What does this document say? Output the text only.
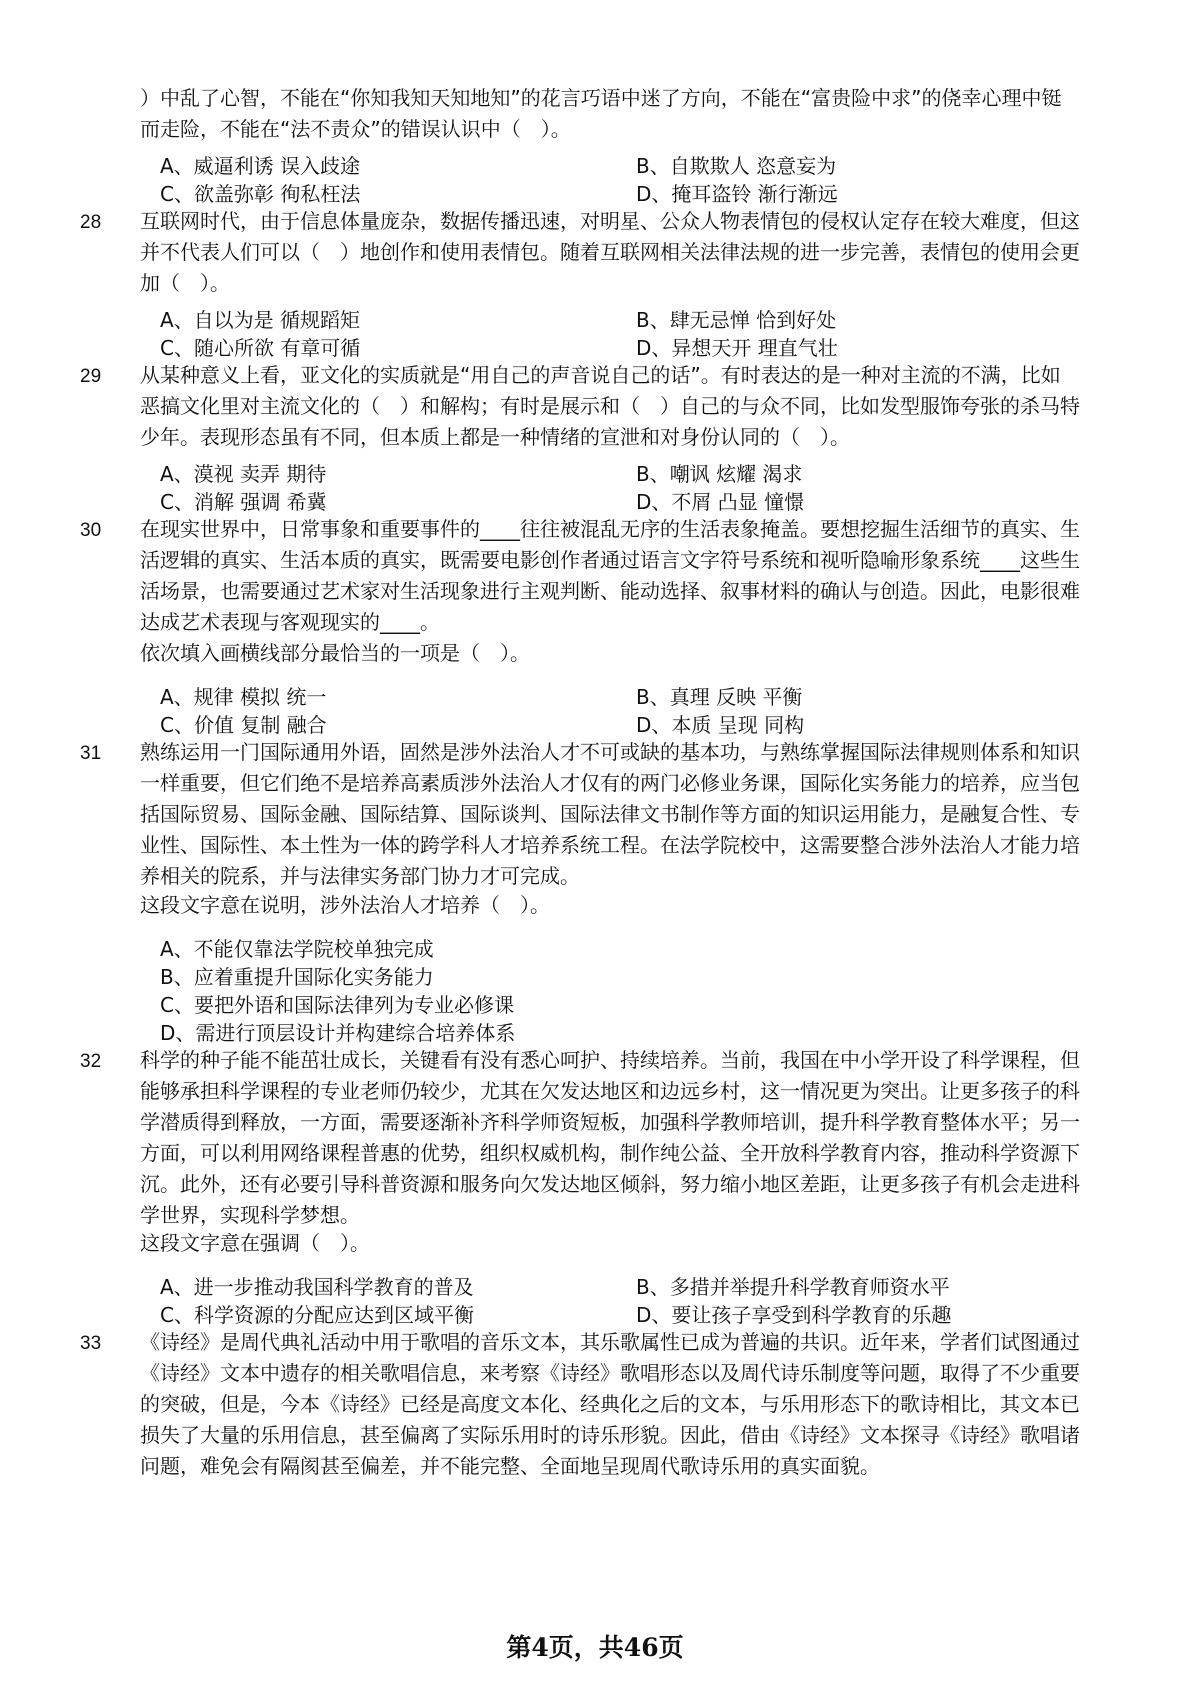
）中乱了心智，不能在“你知我知天知地知”的花言巧语中迷了方向，不能在“富贵险中求”的侥幸心理中铤而走险，不能在“法不责众”的错误认识中（　）。
A、威逼利诱 误入歧途	B、自欺欺人 恣意妄为
C、欲盖弥彰 徇私枉法	D、掩耳盗铃 渐行渐远
28	互联网时代，由于信息体量庞杂，数据传播迅速，对明星、公众人物表情包的侵权认定存在较大难度，但这并不代表人们可以（　）地创作和使用表情包。随着互联网相关法律法规的进一步完善，表情包的使用会更加（　）。
A、自以为是 循规蹈矩	B、肆无忌惮 恰到好处
C、随心所欲 有章可循	D、异想天开 理直气壮
29	从某种意义上看，亚文化的实质就是“用自己的声音说自己的话”。有时表达的是一种对主流的不满，比如恶搞文化里对主流文化的（　）和解构；有时是展示和（　）自己的与众不同，比如发型服饰夸张的杀马特少年。表现形态虽有不同，但本质上都是一种情绪的宣泄和对身份认同的（　）。
A、漠视 卖弄 期待	B、嘲讽 炫耀 渴求
C、消解 强调 希冀	D、不屑 凸显 憧憬
30	在现实世界中，日常事象和重要事件的____往往被混乱无序的生活表象掩盖。要想挖掘生活细节的真实、生活逻辑的真实、生活本质的真实，既需要电影创作者通过语言文字符号系统和视听隐喻形象系统____这些生活场景，也需要通过艺术家对生活现象进行主观判断、能动选择、叙事材料的确认与创造。因此，电影很难达成艺术表现与客观现实的____。
依次填入画横线部分最恰当的一项是（　）。
A、规律 模拟 统一	B、真理 反映 平衡
C、价值 复制 融合	D、本质 呈现 同构
31	熟练运用一门国际通用外语，固然是涉外法治人才不可或缺的基本功，与熟练掌握国际法律规则体系和知识一样重要，但它们绝不是培养高素质涉外法治人才仅有的两门必修业务课，国际化实务能力的培养，应当包括国际贸易、国际金融、国际结算、国际谈判、国际法律文书制作等方面的知识运用能力，是融复合性、专业性、国际性、本土性为一体的跨学科人才培养系统工程。在法学院校中，这需要整合涉外法治人才能力培养相关的院系，并与法律实务部门协力才可完成。
这段文字意在说明，涉外法治人才培养（　）。
A、不能仅靠法学院校单独完成
B、应着重提升国际化实务能力
C、要把外语和国际法律列为专业必修课
D、需进行顶层设计并构建综合培养体系
32	科学的种子能不能茁壮成长，关键看有没有悉心呵护、持续培养。当前，我国在中小学开设了科学课程，但能够承担科学课程的专业老师仍较少，尤其在欠发达地区和边远乡村，这一情况更为突出。让更多孩子的科学潜质得到释放，一方面，需要逐渐补齐科学师资短板，加强科学教师培训，提升科学教育整体水平；另一方面，可以利用网络课程普惠的优势，组织权威机构，制作纯公益、全开放科学教育内容，推动科学资源下沉。此外，还有必要引导科普资源和服务向欠发达地区倾斜，努力缩小地区差距，让更多孩子有机会走进科学世界，实现科学梦想。
这段文字意在强调（　）。
A、进一步推动我国科学教育的普及	B、多措并举提升科学教育师资水平
C、科学资源的分配应达到区域平衡	D、要让孩子享受到科学教育的乐趣
33	《诗经》是周代典礼活动中用于歌唱的音乐文本，其乐歌属性已成为普遍的共识。近年来，学者们试图通过《诗经》文本中遗存的相关歌唱信息，来考察《诗经》歌唱形态以及周代诗乐制度等问题，取得了不少重要的突破，但是，今本《诗经》已经是高度文本化、经典化之后的文本，与乐用形态下的歌诗相比，其文本已损失了大量的乐用信息，甚至偏离了实际乐用时的诗乐形貌。因此，借由《诗经》文本探寻《诗经》歌唱诸问题，难免会有隔阂甚至偏差，并不能完整、全面地呈现周代歌诗乐用的真实面貌。
第4页，共46页
